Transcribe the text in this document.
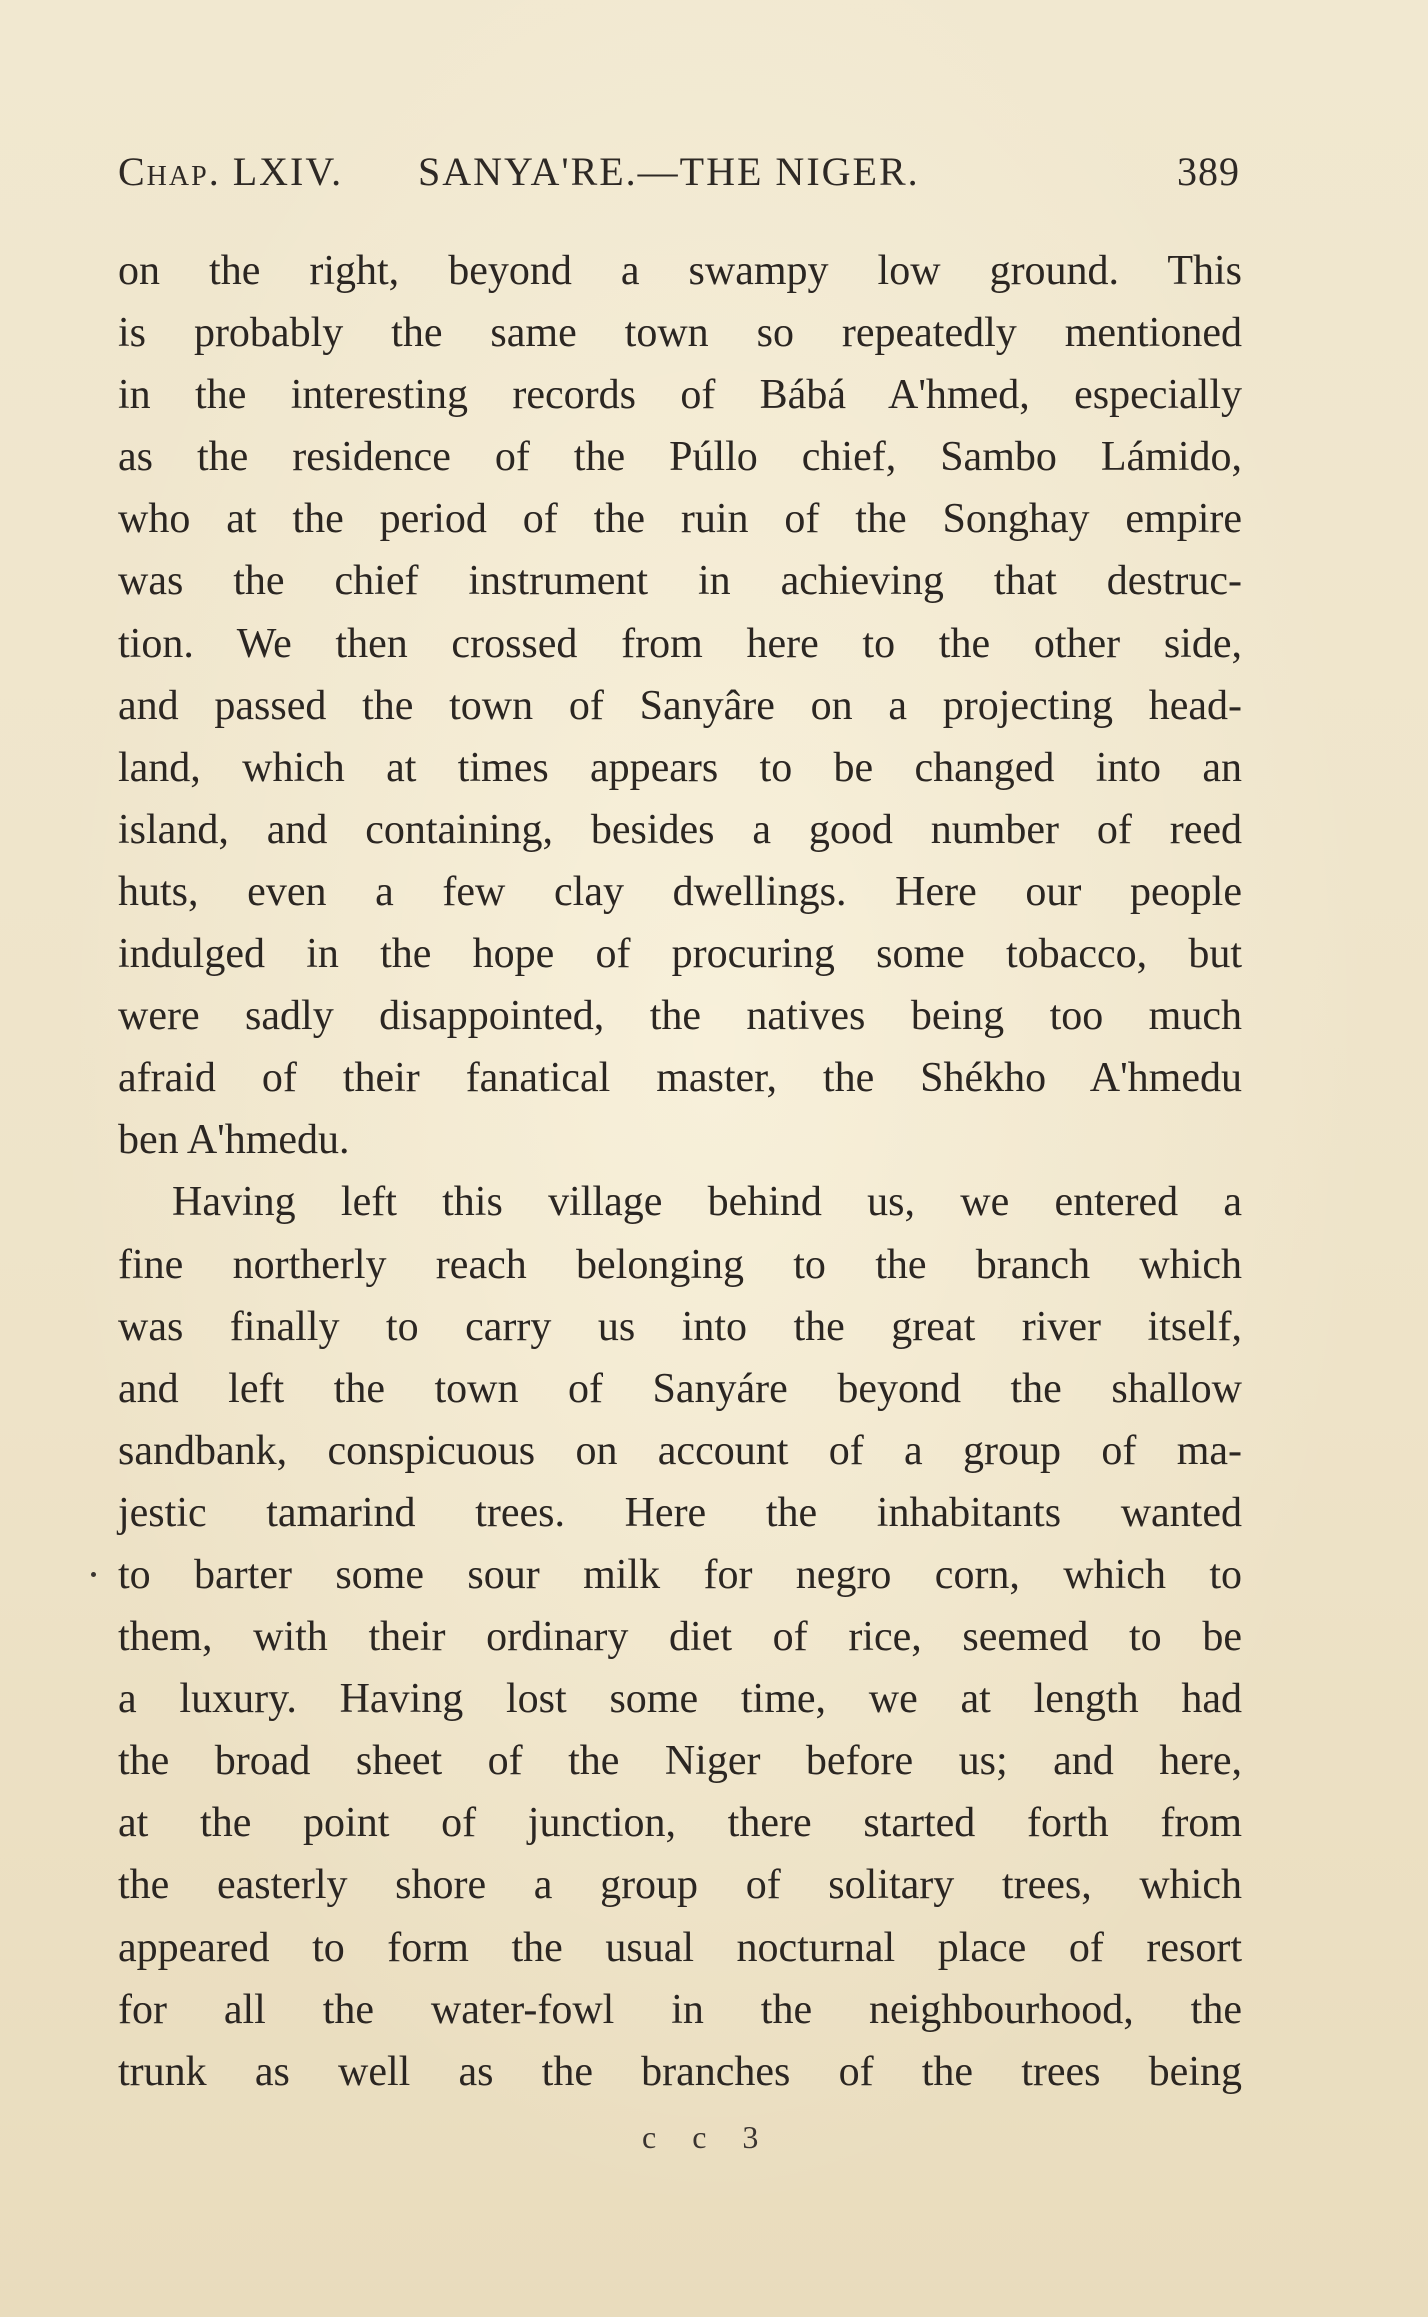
Chap. LXIV. SANYA'RE.—THE NIGER.	389
on the right, beyond a swampy low ground. This
is probably the same town so repeatedly mentioned
in the interesting records of Bábá A'hmed, especially
as the residence of the Púllo chief, Sambo Lámido,
who at the period of the ruin of the Songhay empire
was the chief instrument in achieving that destruc-
tion. We then crossed from here to the other side,
and passed the town of Sanyâre on a projecting head-
land, which at times appears to be changed into an
island, and containing, besides a good number of reed
huts, even a few clay dwellings. Here our people
indulged in the hope of procuring some tobacco, but
were sadly disappointed, the natives being too much
afraid of their fanatical master, the Shékho A'hmedu
ben A'hmedu.
Having left this village behind us, we entered a
fine northerly reach belonging to the branch which
was finally to carry us into the great river itself,
and left the town of Sanyáre beyond the shallow
sandbank, conspicuous on account of a group of ma-
jestic tamarind trees. Here the inhabitants wanted
to barter some sour milk for negro corn, which to
them, with their ordinary diet of rice, seemed to be
a luxury. Having lost some time, we at length had
the broad sheet of the Niger before us; and here,
at the point of junction, there started forth from
the easterly shore a group of solitary trees, which
appeared to form the usual nocturnal place of resort
for all the water-fowl in the neighbourhood, the
trunk as well as the branches of the trees being
c c 3
